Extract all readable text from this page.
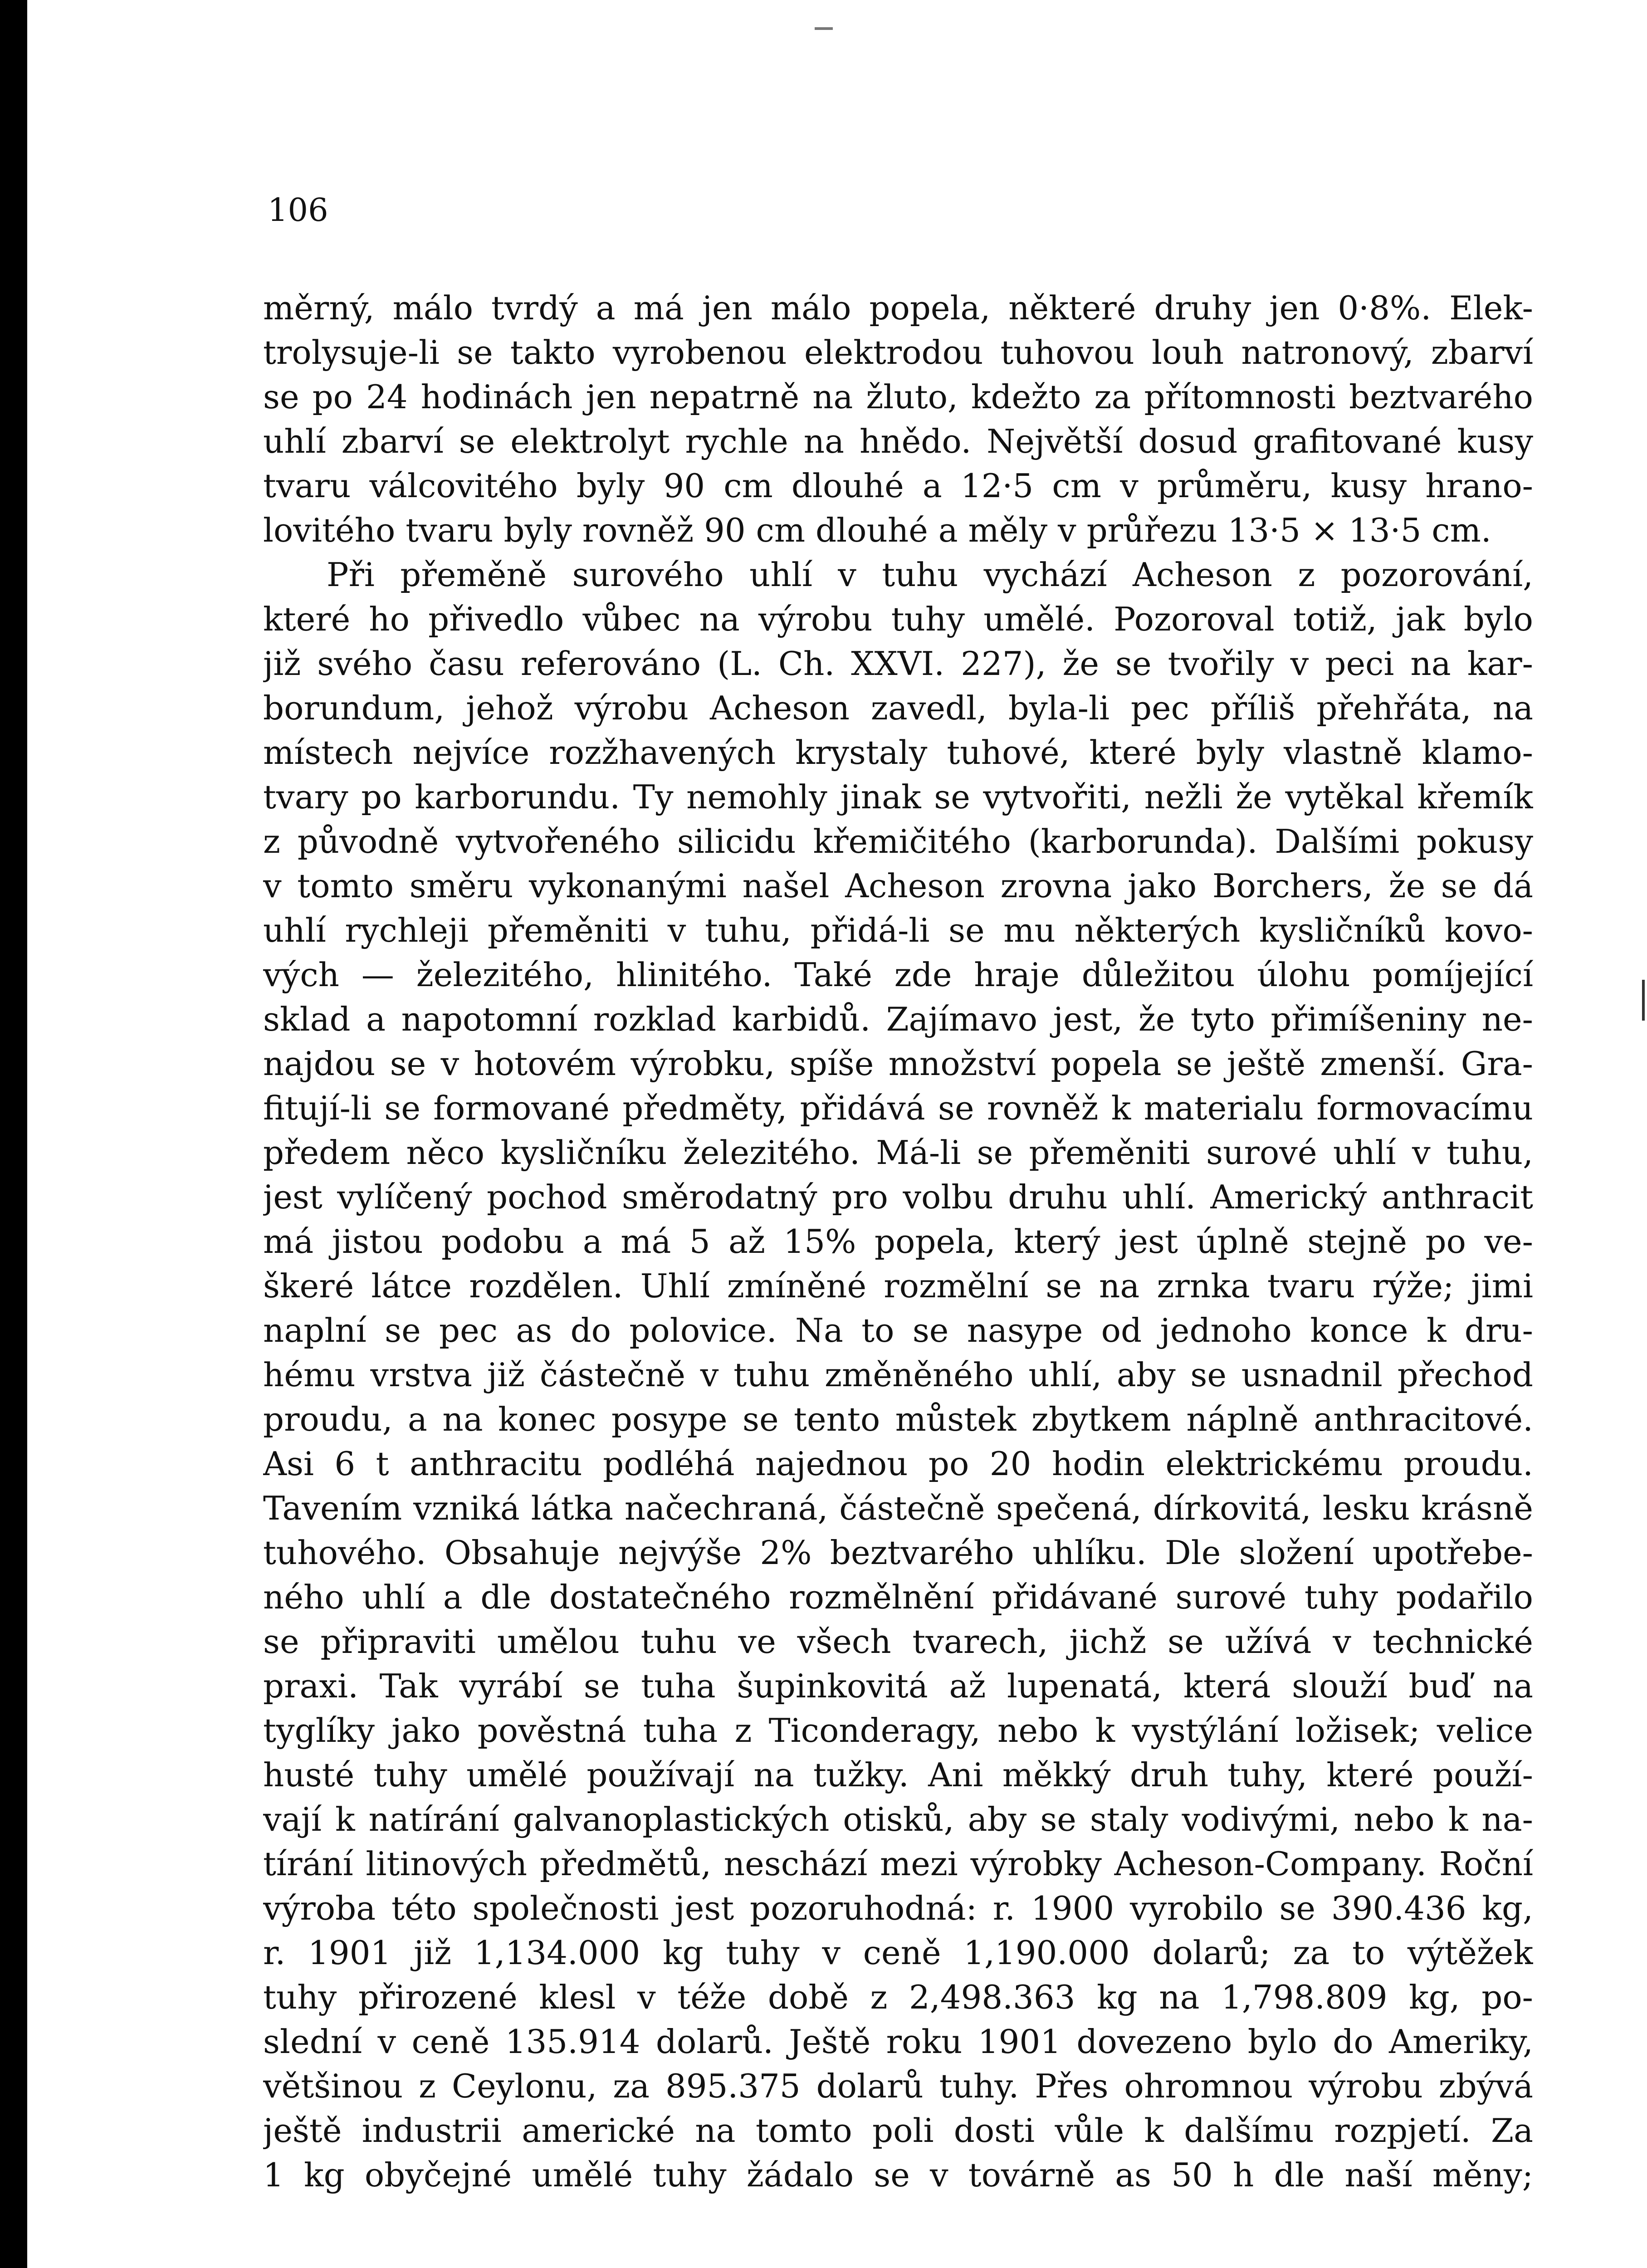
106
měrný, málo tvrdý a má jen málo popela, některé druhy jen 0·8%. Elek-
trolysuje-li se takto vyrobenou elektrodou tuhovou louh natronový, zbarví
se po 24 hodinách jen nepatrně na žluto, kdežto za přítomnosti beztvarého
uhlí zbarví se elektrolyt rychle na hnědo. Největší dosud grafitované kusy
tvaru válcovitého byly 90 cm dlouhé a 12·5 cm v průměru, kusy hrano-
lovitého tvaru byly rovněž 90 cm dlouhé a měly v průřezu 13·5 × 13·5 cm.
Při přeměně surového uhlí v tuhu vychází Acheson z pozorování,
které ho přivedlo vůbec na výrobu tuhy umělé. Pozoroval totiž, jak bylo
již svého času referováno (L. Ch. XXVI. 227), že se tvořily v peci na kar-
borundum, jehož výrobu Acheson zavedl, byla-li pec příliš přehřáta, na
místech nejvíce rozžhavených krystaly tuhové, které byly vlastně klamo-
tvary po karborundu. Ty nemohly jinak se vytvořiti, nežli že vytěkal křemík
z původně vytvořeného silicidu křemičitého (karborunda). Dalšími pokusy
v tomto směru vykonanými našel Acheson zrovna jako Borchers, že se dá
uhlí rychleji přeměniti v tuhu, přidá-li se mu některých kysličníků kovo-
vých — železitého, hlinitého. Také zde hraje důležitou úlohu pomíjející
sklad a napotomní rozklad karbidů. Zajímavo jest, že tyto přimíšeniny ne-
najdou se v hotovém výrobku, spíše množství popela se ještě zmenší. Gra-
fitují-li se formované předměty, přidává se rovněž k materialu formovacímu
předem něco kysličníku železitého. Má-li se přeměniti surové uhlí v tuhu,
jest vylíčený pochod směrodatný pro volbu druhu uhlí. Americký anthracit
má jistou podobu a má 5 až 15% popela, který jest úplně stejně po ve-
škeré látce rozdělen. Uhlí zmíněné rozmělní se na zrnka tvaru rýže; jimi
naplní se pec as do polovice. Na to se nasype od jednoho konce k dru-
hému vrstva již částečně v tuhu změněného uhlí, aby se usnadnil přechod
proudu, a na konec posype se tento můstek zbytkem náplně anthracitové.
Asi 6 t anthracitu podléhá najednou po 20 hodin elektrickému proudu.
Tavením vzniká látka načechraná, částečně spečená, dírkovitá, lesku krásně
tuhového. Obsahuje nejvýše 2% beztvarého uhlíku. Dle složení upotřebe-
ného uhlí a dle dostatečného rozmělnění přidávané surové tuhy podařilo
se připraviti umělou tuhu ve všech tvarech, jichž se užívá v technické
praxi. Tak vyrábí se tuha šupinkovitá až lupenatá, která slouží buď na
tyglíky jako pověstná tuha z Ticonderagy, nebo k vystýlání ložisek; velice
husté tuhy umělé používají na tužky. Ani měkký druh tuhy, které použí-
vají k natírání galvanoplastických otisků, aby se staly vodivými, nebo k na-
tírání litinových předmětů, neschází mezi výrobky Acheson-Company. Roční
výroba této společnosti jest pozoruhodná: r. 1900 vyrobilo se 390.436 kg,
r. 1901 již 1,134.000 kg tuhy v ceně 1,190.000 dolarů; za to výtěžek
tuhy přirozené klesl v téže době z 2,498.363 kg na 1,798.809 kg, po-
slední v ceně 135.914 dolarů. Ještě roku 1901 dovezeno bylo do Ameriky,
většinou z Ceylonu, za 895.375 dolarů tuhy. Přes ohromnou výrobu zbývá
ještě industrii americké na tomto poli dosti vůle k dalšímu rozpjetí. Za
1 kg obyčejné umělé tuhy žádalo se v továrně as 50 h dle naší měny;
